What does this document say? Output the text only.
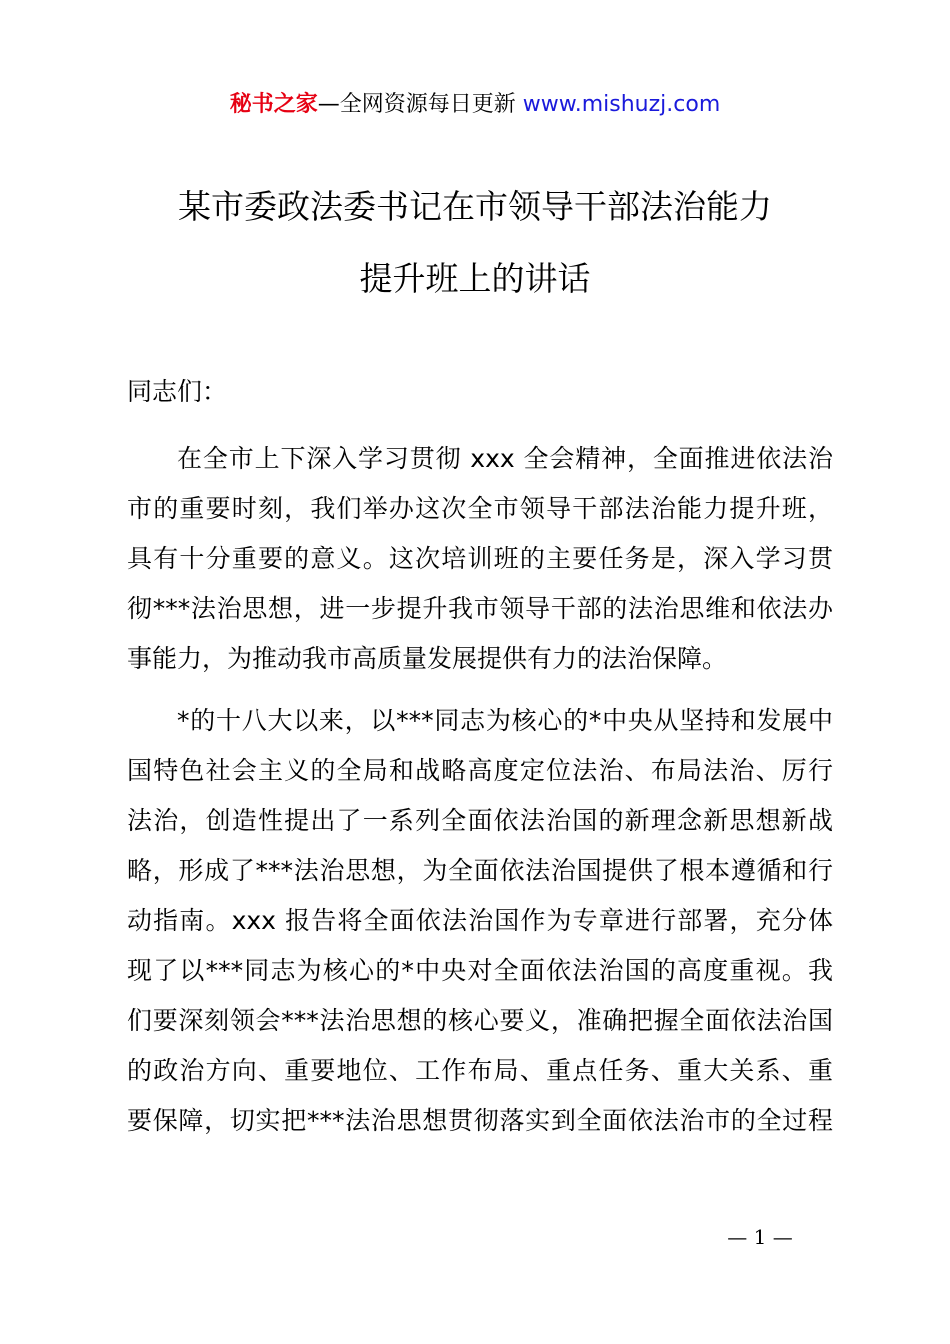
秘书之家—全网资源每日更新 www.mishuzj.com
某市委政法委书记在市领导干部法治能力
提升班上的讲话
同志们：
在全市上下深入学习贯彻 xxx 全会精神，全面推进依法治
市的重要时刻，我们举办这次全市领导干部法治能力提升班，
具有十分重要的意义。这次培训班的主要任务是，深入学习贯
彻***法治思想，进一步提升我市领导干部的法治思维和依法办
事能力，为推动我市高质量发展提供有力的法治保障。
*的十八大以来，以***同志为核心的*中央从坚持和发展中
国特色社会主义的全局和战略高度定位法治、布局法治、厉行
法治，创造性提出了一系列全面依法治国的新理念新思想新战
略，形成了***法治思想，为全面依法治国提供了根本遵循和行
动指南。xxx 报告将全面依法治国作为专章进行部署，充分体
现了以***同志为核心的*中央对全面依法治国的高度重视。我
们要深刻领会***法治思想的核心要义，准确把握全面依法治国
的政治方向、重要地位、工作布局、重点任务、重大关系、重
要保障，切实把***法治思想贯彻落实到全面依法治市的全过程
— 1 —
